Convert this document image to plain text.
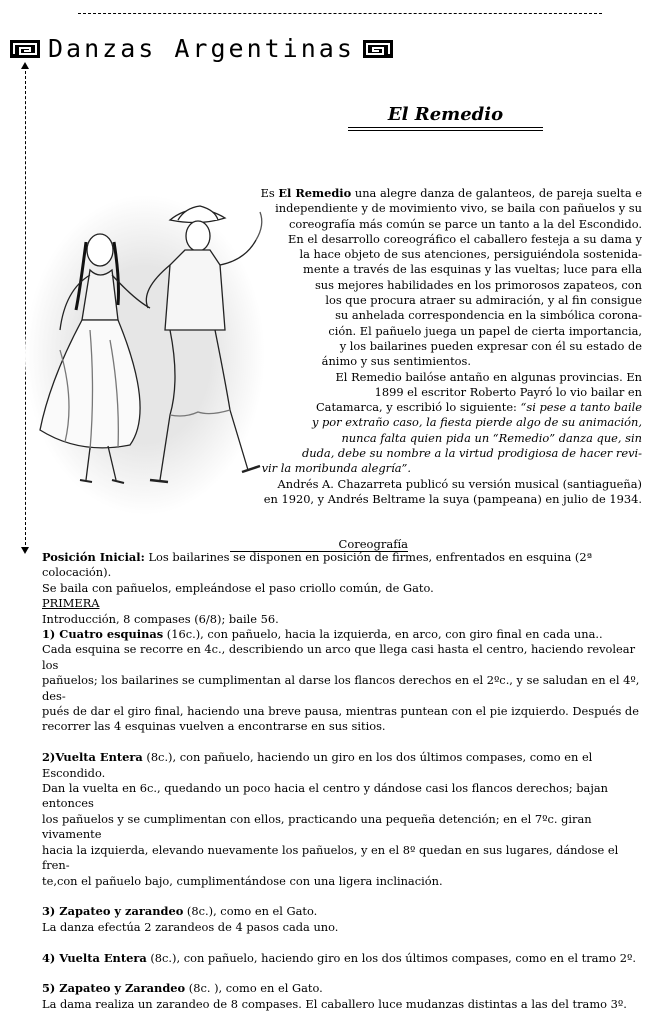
Danzas Argentinas
El Remedio
Es El Remedio una alegre danza de galanteos, de pareja suelta e
independiente y de movimiento vivo, se baila con pañuelos y su
coreografía más común se parce un tanto a la del Escondido.
En el desarrollo coreográfico el caballero festeja a su dama y
la hace objeto de sus atenciones, persiguiéndola sostenida-
mente a través de las esquinas y las vueltas; luce para ella
sus mejores habilidades en los primorosos zapateos, con
los que procura atraer su admiración, y al fin consigue
su anhelada correspondencia en la simbólica corona-
ción. El pañuelo juega un papel de cierta importancia,
y los bailarines pueden expresar con él su estado de
ánimo y sus sentimientos.
El Remedio bailóse antaño en algunas provincias. En
1899 el escritor Roberto Payró lo vio bailar en
Catamarca, y escribió lo siguiente: “si pese a tanto baile
y por extraño caso, la fiesta pierde algo de su animación,
nunca falta quien pida un “Remedio” danza que, sin
duda, debe su nombre a la virtud prodigiosa de hacer revi-
vir la moribunda alegría”.
Andrés A. Chazarreta publicó su versión musical (santiagueña)
en 1920, y Andrés Beltrame la suya (pampeana) en julio de 1934.
Coreografía

Posición Inicial: Los bailarines se disponen en posición de firmes, enfrentados en esquina (2ª colocación).

Se baila con pañuelos, empleándose el paso criollo común, de Gato.

PRIMERA

Introducción, 8 compases (6/8); baile 56.

1) Cuatro esquinas (16c.), con pañuelo, hacia la izquierda, en arco, con giro final en cada una..

Cada esquina se recorre en 4c., describiendo un arco que llega casi hasta el centro, haciendo revolear los

pañuelos; los bailarines se cumplimentan al darse los flancos derechos en el 2ºc., y se saludan en el 4º, des-

pués de dar el giro final, haciendo una breve pausa, mientras puntean con el pie izquierdo. Después de

recorrer las 4 esquinas vuelven a encontrarse en sus sitios.

2)Vuelta Entera (8c.), con pañuelo, haciendo un giro en los dos últimos compases, como en el Escondido.

Dan la vuelta en 6c., quedando un poco hacia el centro y dándose casi los flancos derechos; bajan entonces

los pañuelos y se cumplimentan con ellos, practicando una pequeña detención; en el 7ºc. giran vivamente

hacia la izquierda, elevando nuevamente los pañuelos, y en el 8º quedan en sus lugares, dándose el fren-

te,con el pañuelo bajo, cumplimentándose con una ligera inclinación.

3) Zapateo y zarandeo (8c.), como en el Gato.

La danza efectúa 2 zarandeos de 4 pasos cada uno.

4) Vuelta Entera (8c.), con pañuelo, haciendo giro en los dos últimos compases, como en el tramo 2º.

5) Zapateo y Zarandeo (8c. ), como en el Gato.

La dama realiza un zarandeo de 8 compases. El caballero luce mudanzas distintas a las del tramo 3º.
